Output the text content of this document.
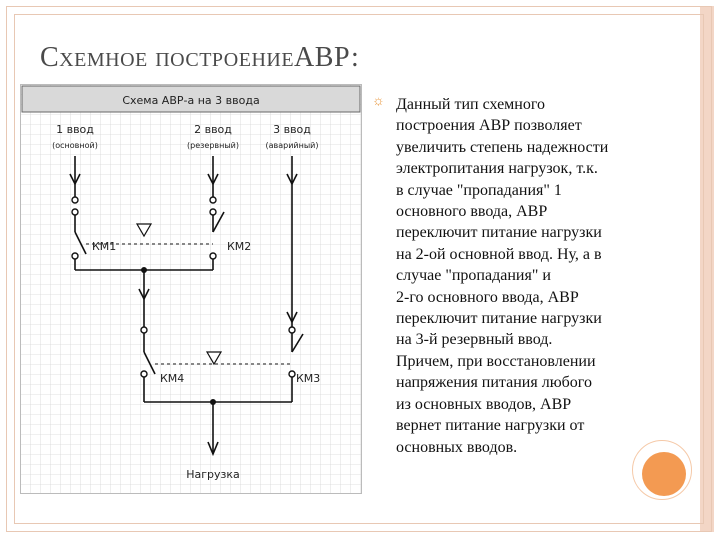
Схемное построениеАВР:
Схема АВР-а на 3 ввода
1 ввод
(основной)
2 ввод
(резервный)
3 ввод
(аварийный)
КМ1	КМ2
КМ4	КМ3
Нагрузка
☼ Данный тип схемного
построения АВР позволяет
увеличить степень надежности
электропитания нагрузок, т.к.
в случае "пропадания" 1
основного ввода, АВР
переключит питание нагрузки
на 2-ой основной ввод. Ну, а в
случае "пропадания" и
2-го основного ввода, АВР
переключит питание нагрузки
на 3-й резервный ввод.
Причем, при восстановлении
напряжения питания любого
из основных вводов, АВР
вернет питание нагрузки от
основных вводов.
